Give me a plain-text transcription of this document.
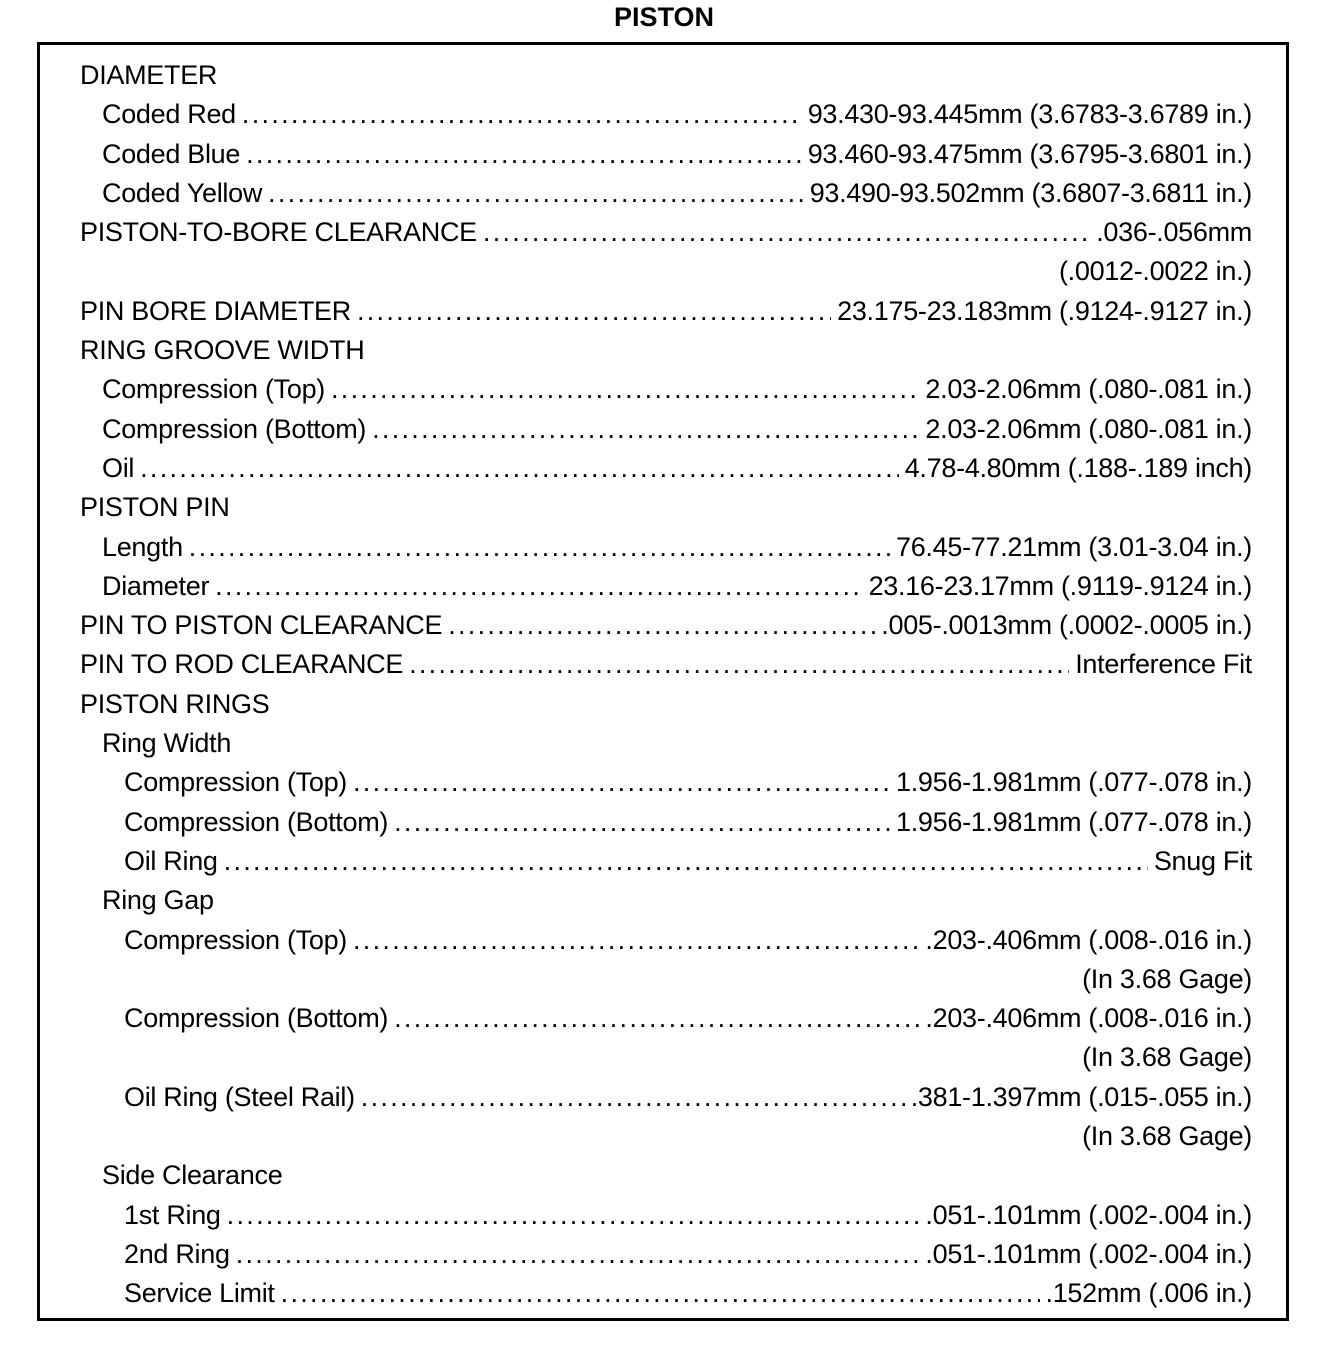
PISTON
DIAMETER
Coded Red . . .	93.430-93.445mm (3.6783-3.6789 in.)
Coded Blue . . .	93.460-93.475mm (3.6795-3.6801 in.)
Coded Yellow . . .	93.490-93.502mm (3.6807-3.6811 in.)
PISTON-TO-BORE CLEARANCE . . .	.036-.056mm
(.0012-.0022 in.)
PIN BORE DIAMETER . . .	23.175-23.183mm (.9124-.9127 in.)
RING GROOVE WIDTH
Compression (Top) . . .	2.03-2.06mm (.080-.081 in.)
Compression (Bottom) . . .	2.03-2.06mm (.080-.081 in.)
Oil . . .	4.78-4.80mm (.188-.189 inch)
PISTON PIN
Length . . .	76.45-77.21mm (3.01-3.04 in.)
Diameter . . .	23.16-23.17mm (.9119-.9124 in.)
PIN TO PISTON CLEARANCE . . .	.005-.0013mm (.0002-.0005 in.)
PIN TO ROD CLEARANCE . . .	Interference Fit
PISTON RINGS
Ring Width
Compression (Top) . . .	1.956-1.981mm (.077-.078 in.)
Compression (Bottom) . . .	1.956-1.981mm (.077-.078 in.)
Oil Ring . . .	Snug Fit
Ring Gap
Compression (Top) . . .	.203-.406mm (.008-.016 in.)
(In 3.68 Gage)
Compression (Bottom) . . .	.203-.406mm (.008-.016 in.)
(In 3.68 Gage)
Oil Ring (Steel Rail) . . .	.381-1.397mm (.015-.055 in.)
(In 3.68 Gage)
Side Clearance
1st Ring . . .	.051-.101mm (.002-.004 in.)
2nd Ring . . .	.051-.101mm (.002-.004 in.)
Service Limit . . .	.152mm (.006 in.)
